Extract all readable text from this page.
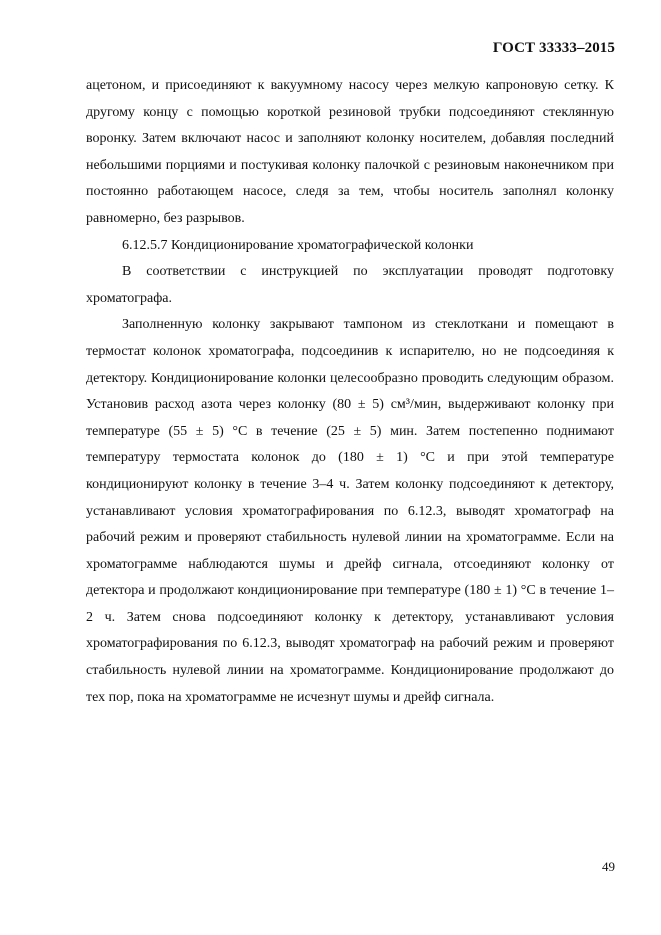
ГОСТ 33333–2015

ацетоном, и присоединяют к вакуумному насосу через мелкую капроновую сетку. К другому концу с помощью короткой резиновой трубки подсоединяют стеклянную воронку. Затем включают насос и заполняют колонку носителем, добавляя последний небольшими порциями и постукивая колонку палочкой с резиновым наконечником при постоянно работающем насосе, следя за тем, чтобы носитель заполнял колонку равномерно, без разрывов.

6.12.5.7 Кондиционирование хроматографической колонки

В соответствии с инструкцией по эксплуатации проводят подготовку хроматографа.

Заполненную колонку закрывают тампоном из стеклоткани и помещают в термостат колонок хроматографа, подсоединив к испарителю, но не подсоединяя к детектору. Кондиционирование колонки целесообразно проводить следующим образом. Установив расход азота через колонку (80 ± 5) см³/мин, выдерживают колонку при температуре (55 ± 5) °С в течение (25 ± 5) мин. Затем постепенно поднимают температуру термостата колонок до (180 ± 1) °С и при этой температуре кондиционируют колонку в течение 3–4 ч. Затем колонку подсоединяют к детектору, устанавливают условия хроматографирования по 6.12.3, выводят хроматограф на рабочий режим и проверяют стабильность нулевой линии на хроматограмме. Если на хроматограмме наблюдаются шумы и дрейф сигнала, отсоединяют колонку от детектора и продолжают кондиционирование при температуре (180 ± 1) °С в течение 1–2 ч. Затем снова подсоединяют колонку к детектору, устанавливают условия хроматографирования по 6.12.3, выводят хроматограф на рабочий режим и проверяют стабильность нулевой линии на хроматограмме. Кондиционирование продолжают до тех пор, пока на хроматограмме не исчезнут шумы и дрейф сигнала.

49
